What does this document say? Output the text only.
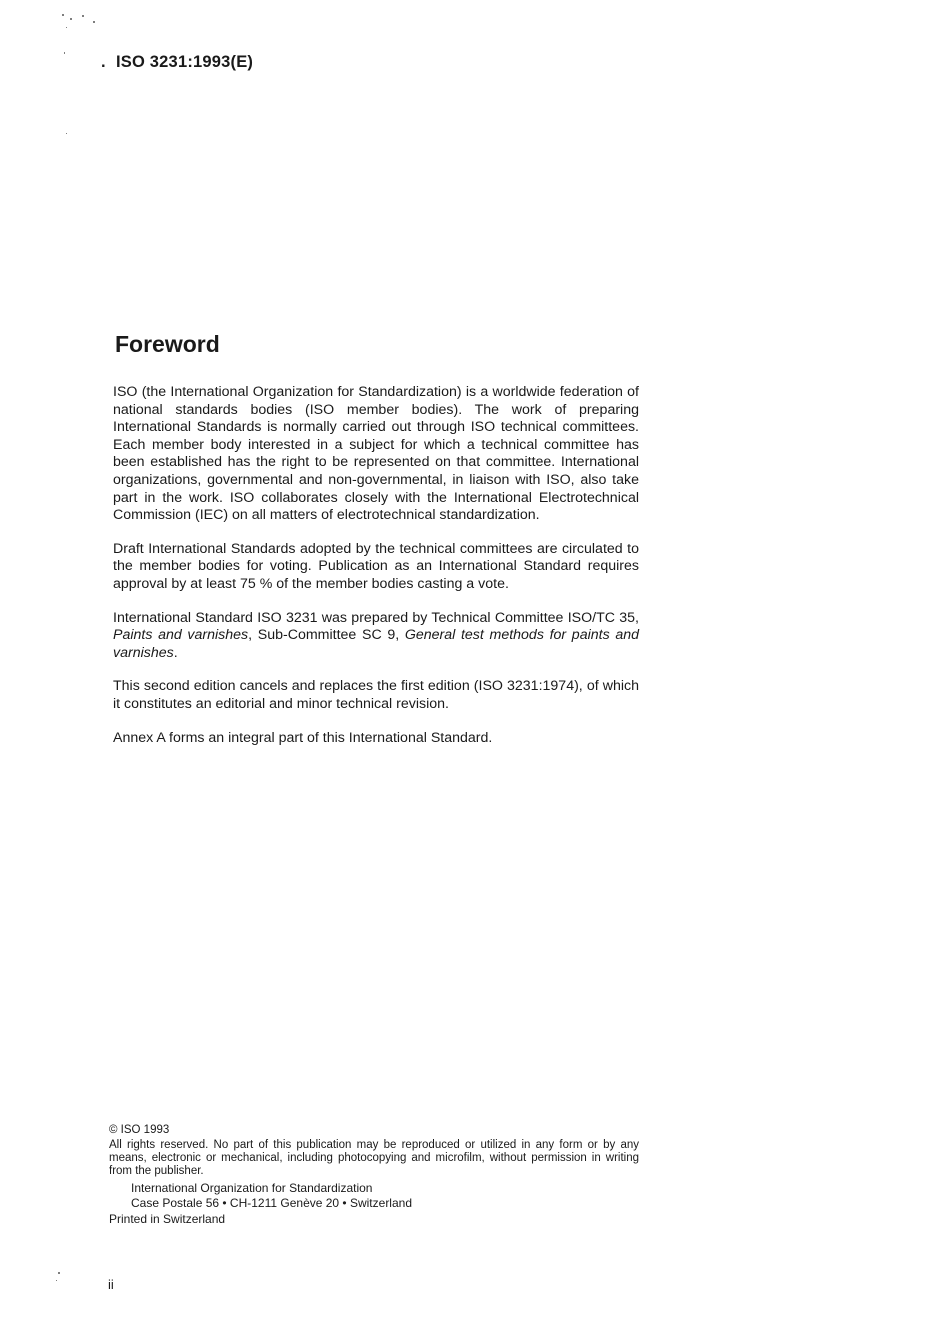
. ISO 3231:1993(E)
Foreword

ISO (the International Organization for Standardization) is a worldwide federation of national standards bodies (ISO member bodies). The work of preparing International Standards is normally carried out through ISO technical committees. Each member body interested in a subject for which a technical committee has been established has the right to be represented on that committee. International organizations, governmental and non-governmental, in liaison with ISO, also take part in the work. ISO collaborates closely with the International Electrotechnical Commission (IEC) on all matters of electrotechnical standardization.

Draft International Standards adopted by the technical committees are circulated to the member bodies for voting. Publication as an International Standard requires approval by at least 75 % of the member bodies casting a vote.

International Standard ISO 3231 was prepared by Technical Committee ISO/TC 35, Paints and varnishes, Sub-Committee SC 9, General test methods for paints and varnishes.

This second edition cancels and replaces the first edition (ISO 3231:1974), of which it constitutes an editorial and minor technical revision.

Annex A forms an integral part of this International Standard.

© ISO 1993
All rights reserved. No part of this publication may be reproduced or utilized in any form or by any means, electronic or mechanical, including photocopying and microfilm, without permission in writing from the publisher.
International Organization for Standardization
Case Postale 56 • CH-1211 Genève 20 • Switzerland
Printed in Switzerland
ii
